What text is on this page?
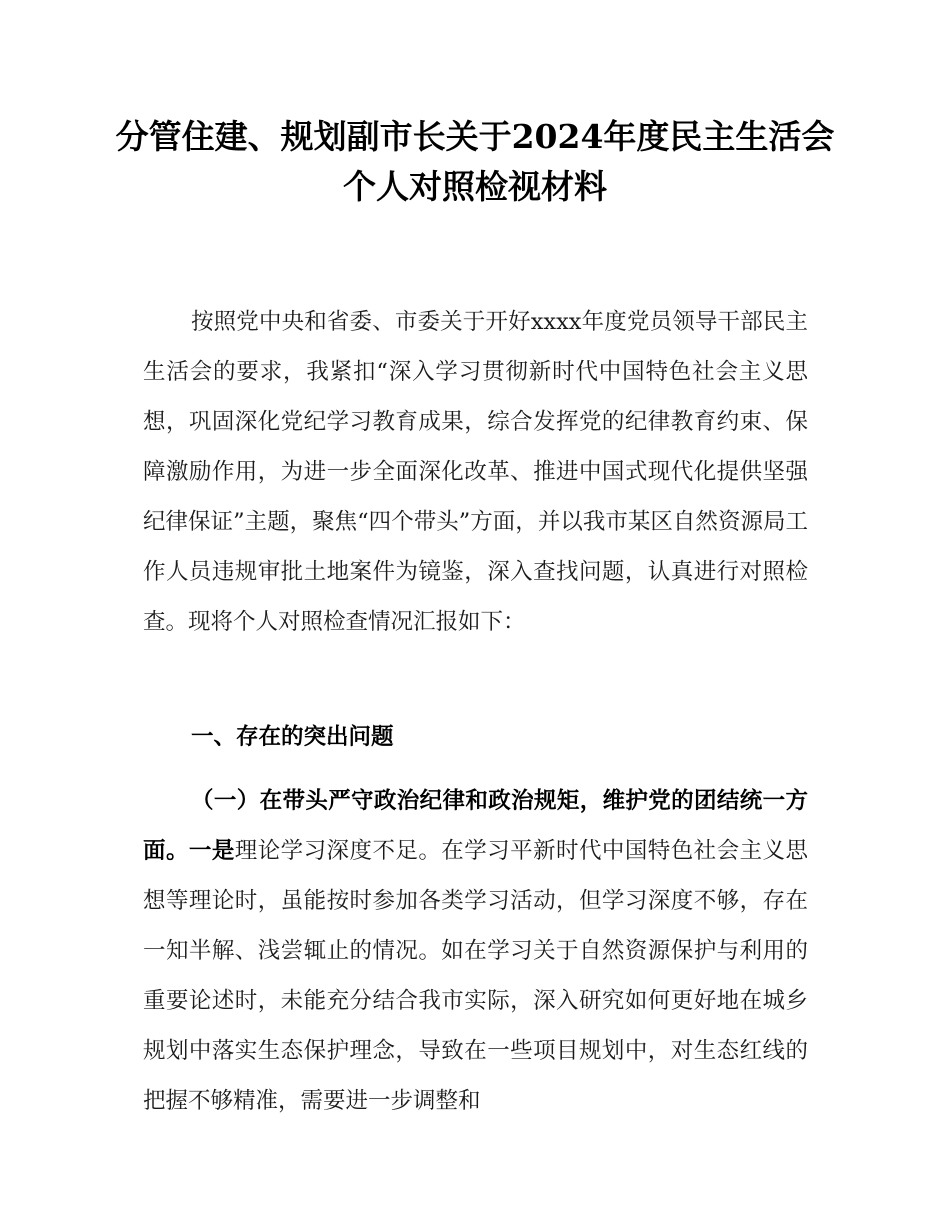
分管住建、规划副市长关于2024年度民主生活会个人对照检视材料

按照党中央和省委、市委关于开好xxxx年度党员领导干部民主生活会的要求，我紧扣“深入学习贯彻新时代中国特色社会主义思想，巩固深化党纪学习教育成果，综合发挥党的纪律教育约束、保障激励作用，为进一步全面深化改革、推进中国式现代化提供坚强纪律保证”主题，聚焦“四个带头”方面，并以我市某区自然资源局工作人员违规审批土地案件为镜鉴，深入查找问题，认真进行对照检查。现将个人对照检查情况汇报如下：

一、存在的突出问题

（一）在带头严守政治纪律和政治规矩，维护党的团结统一方面。一是理论学习深度不足。在学习平新时代中国特色社会主义思想等理论时，虽能按时参加各类学习活动，但学习深度不够，存在一知半解、浅尝辄止的情况。如在学习关于自然资源保护与利用的重要论述时，未能充分结合我市实际，深入研究如何更好地在城乡规划中落实生态保护理念，导致在一些项目规划中，对生态红线的把握不够精准，需要进一步调整和
